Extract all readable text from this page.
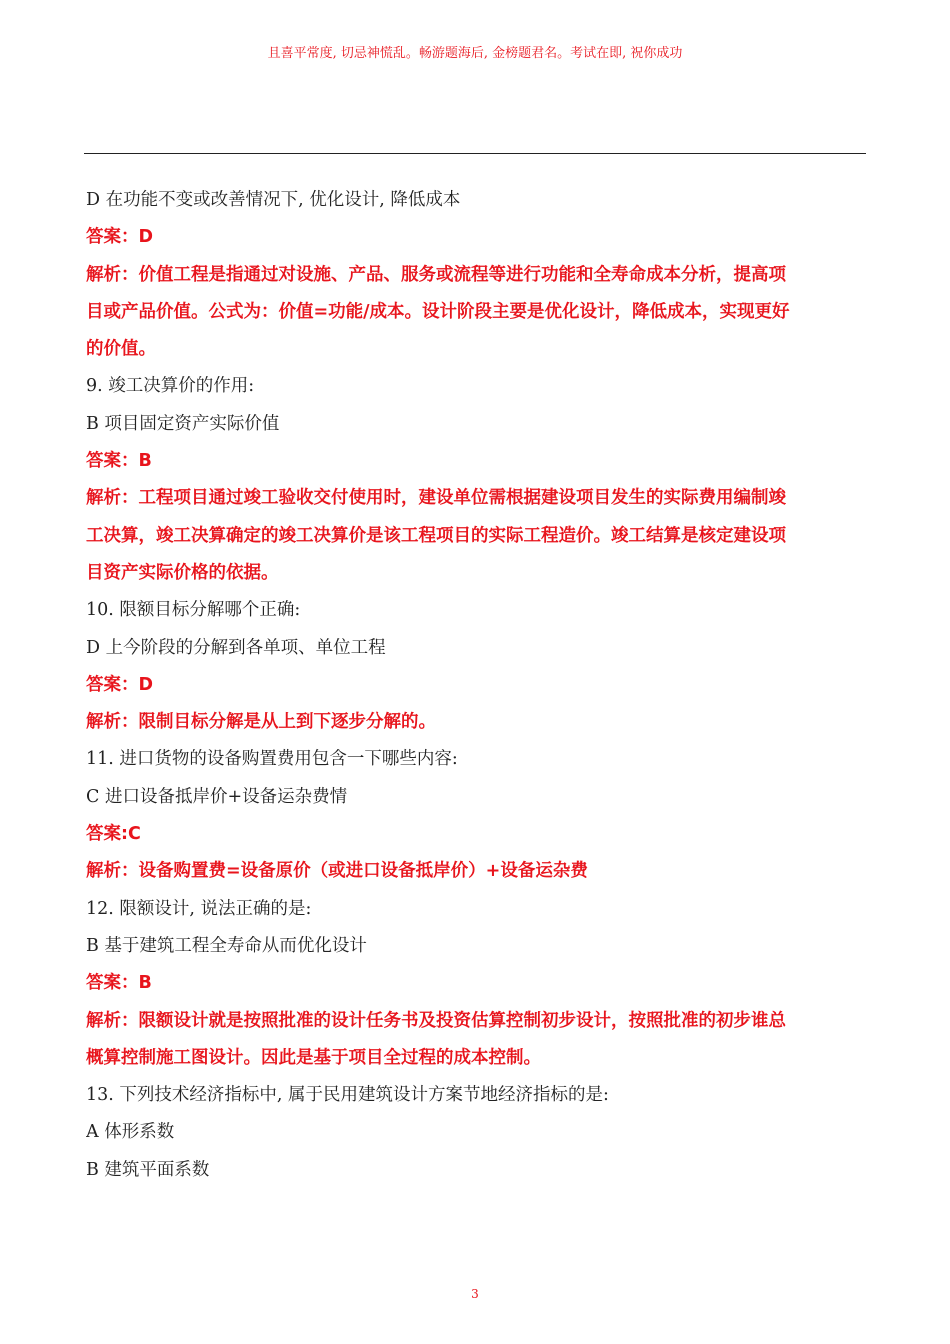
且喜平常度, 切忌神慌乱。畅游题海后, 金榜题君名。考试在即, 祝你成功
D 在功能不变或改善情况下, 优化设计, 降低成本
答案：D
解析：价值工程是指通过对设施、产品、服务或流程等进行功能和全寿命成本分析，提高项
目或产品价值。公式为：价值=功能/成本。设计阶段主要是优化设计，降低成本，实现更好
的价值。
9. 竣工决算价的作用:
B 项目固定资产实际价值
答案：B
解析：工程项目通过竣工验收交付使用时，建设单位需根据建设项目发生的实际费用编制竣
工决算，竣工决算确定的竣工决算价是该工程项目的实际工程造价。竣工结算是核定建设项
目资产实际价格的依据。
10. 限额目标分解哪个正确:
D 上今阶段的分解到各单项、单位工程
答案：D
解析：限制目标分解是从上到下逐步分解的。
11. 进口货物的设备购置费用包含一下哪些内容:
C 进口设备抵岸价+设备运杂费情
答案:C
解析：设备购置费=设备原价（或进口设备抵岸价）+设备运杂费
12. 限额设计, 说法正确的是:
B 基于建筑工程全寿命从而优化设计
答案：B
解析：限额设计就是按照批准的设计任务书及投资估算控制初步设计，按照批准的初步谁总
概算控制施工图设计。因此是基于项目全过程的成本控制。
13. 下列技术经济指标中, 属于民用建筑设计方案节地经济指标的是:
A 体形系数
B 建筑平面系数
3
